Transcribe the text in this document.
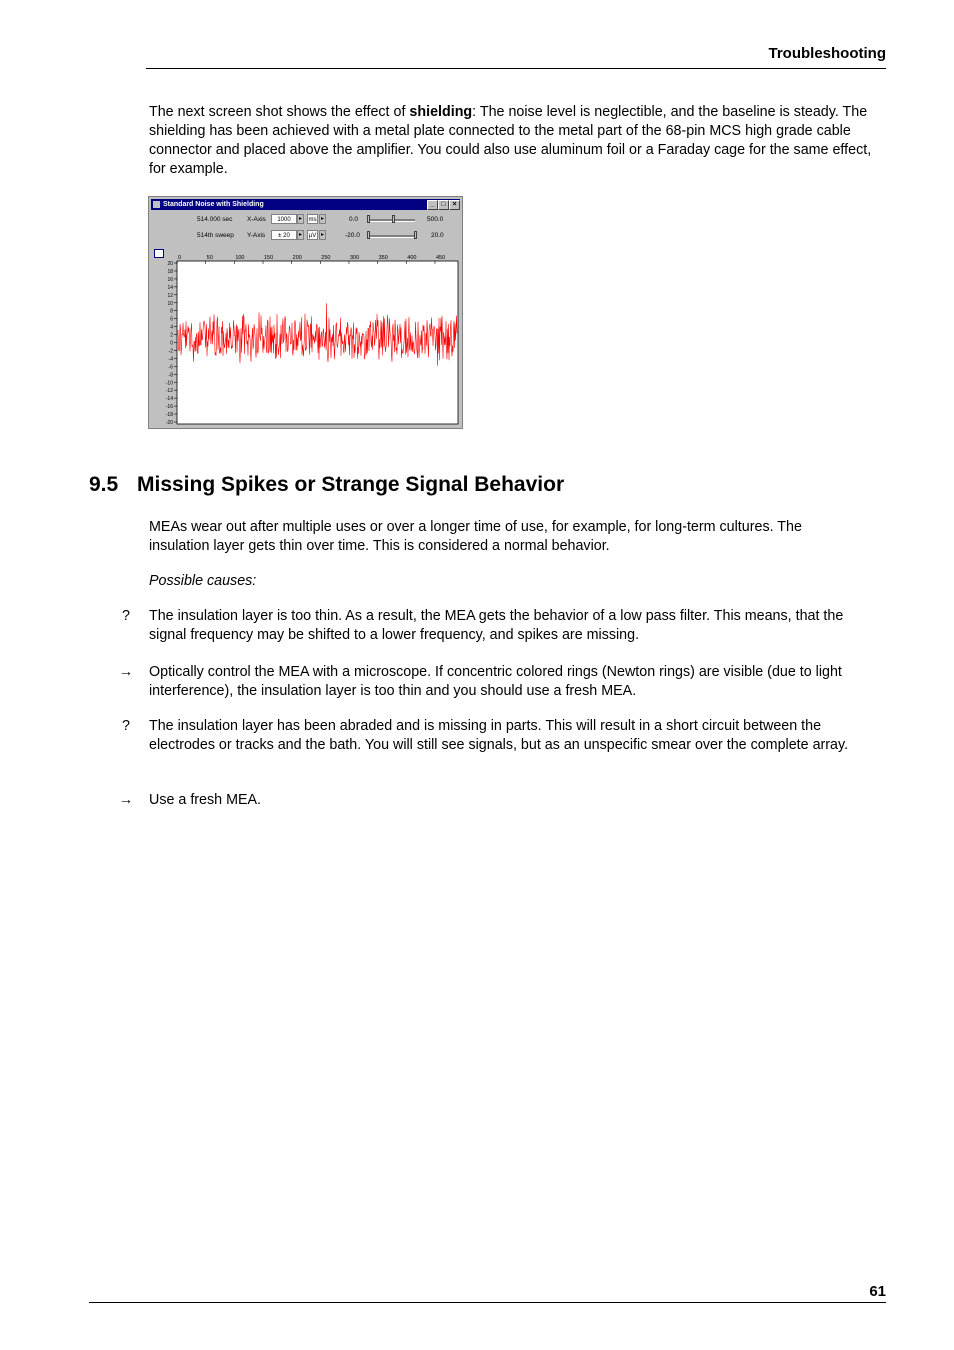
Troubleshooting
The next screen shot shows the effect of shielding: The noise level is neglectible, and the baseline is steady. The shielding has been achieved with a metal plate connected to the metal part of the 68-pin MCS high grade cable connector and placed above the amplifier. You could also use aluminum foil or a Faraday cage for the same effect, for example.
Standard Noise with Shielding	_ □ ×
514.000 sec X-Axis	1000	▸	ms ▸	0.0	500.0
514th sweep Y-Axis	± 20	▸	µV ▸	-20.0	20.0
0	50	100	150	200	250	300	350	400	450
20
18
16
14
12
10
8
6
4
2
0
-2
-4
-6
-8
-10
-12
-14
-16
-18
-20
9.5 Missing Spikes or Strange Signal Behavior
MEAs wear out after multiple uses or over a longer time of use, for example, for long-term cultures. The insulation layer gets thin over time. This is considered a normal behavior.
Possible causes:
?	The insulation layer is too thin. As a result, the MEA gets the behavior of a low pass filter. This means, that the signal frequency may be shifted to a lower frequency, and spikes are missing.
→ Optically control the MEA with a microscope. If concentric colored rings (Newton rings) are visible (due to light interference), the insulation layer is too thin and you should use a fresh MEA.
?	The insulation layer has been abraded and is missing in parts. This will result in a short circuit between the electrodes or tracks and the bath. You will still see signals, but as an unspecific smear over the complete array.
→ Use a fresh MEA.
61
